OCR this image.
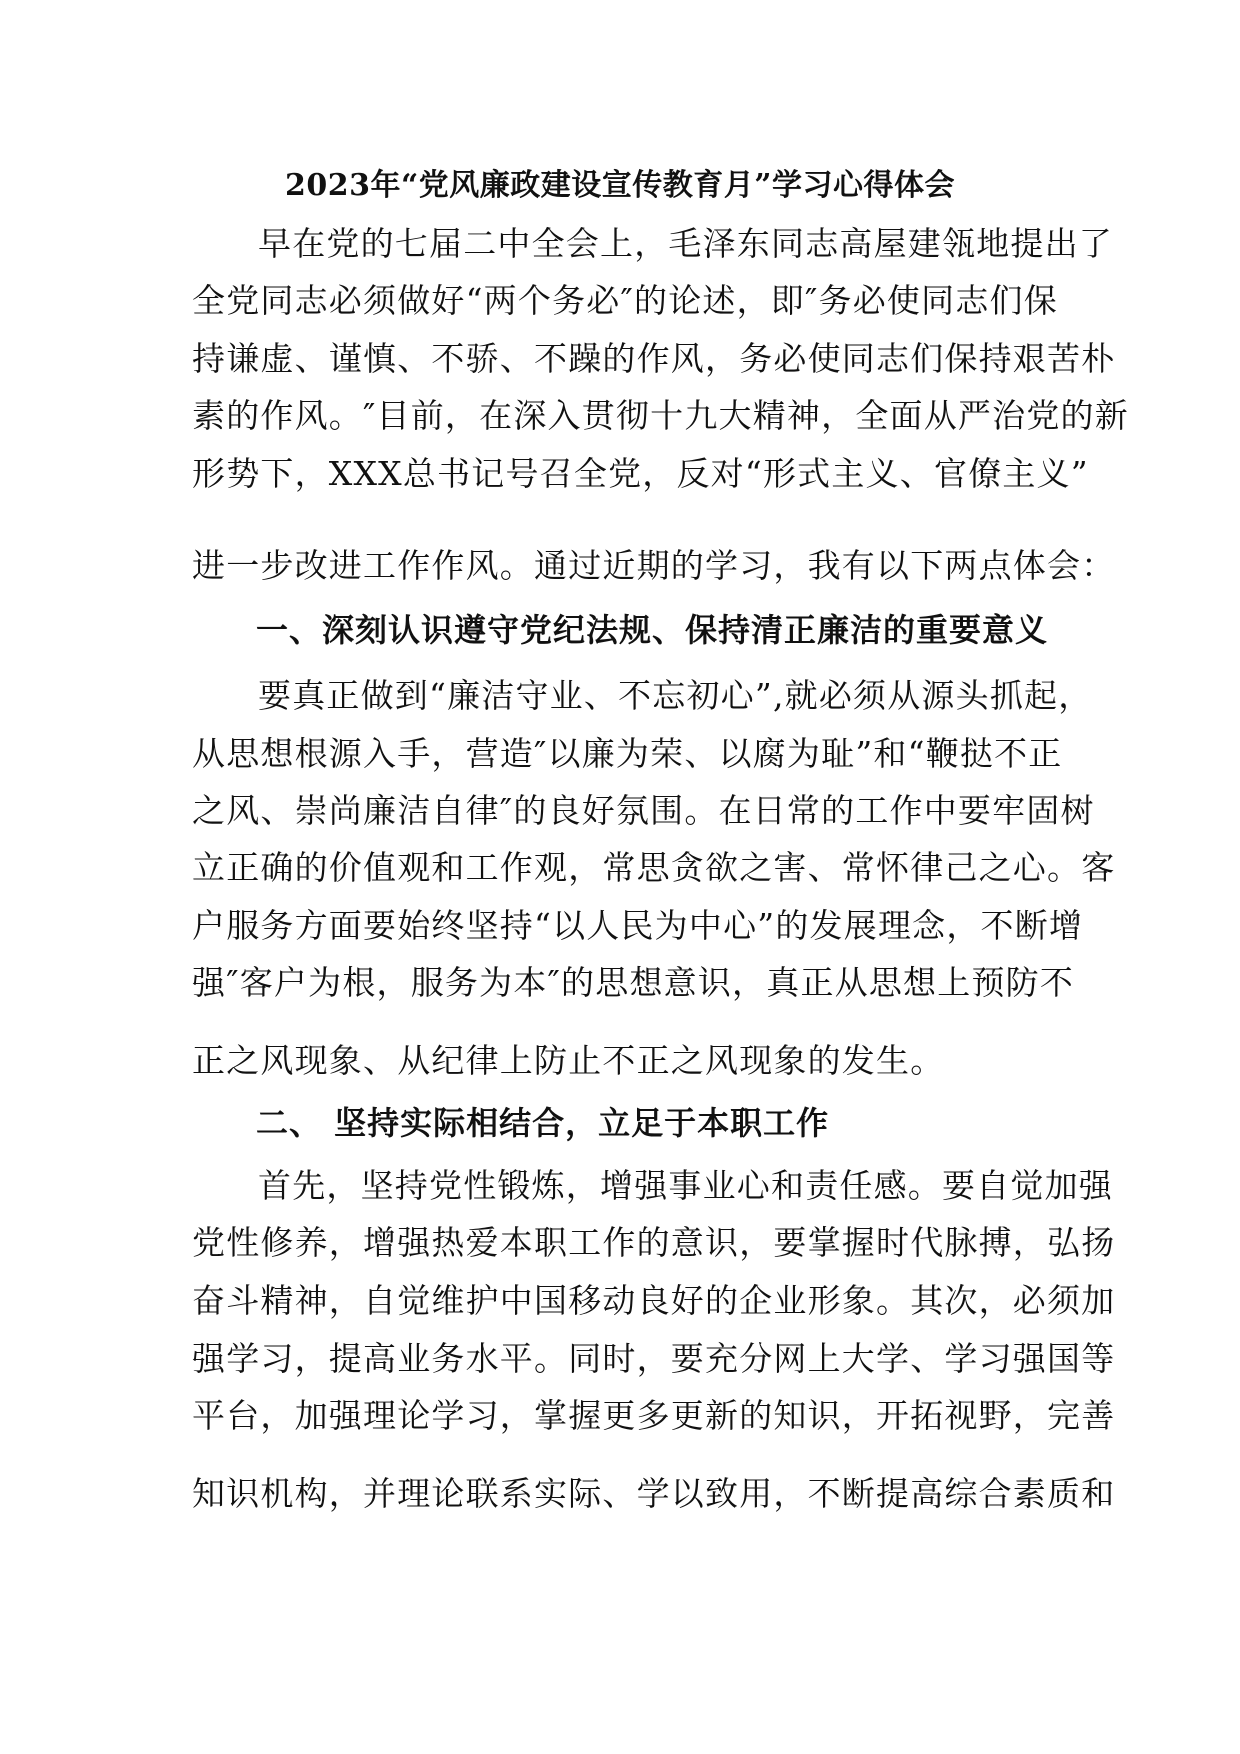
2023年“党风廉政建设宣传教育月”学习心得体会
早在党的七届二中全会上，毛泽东同志高屋建瓴地提出了
全党同志必须做好“两个务必″的论述，即″务必使同志们保
持谦虚、谨慎、不骄、不躁的作风，务必使同志们保持艰苦朴
素的作风。″目前，在深入贯彻十九大精神，全面从严治党的新
形势下，XXX总书记号召全党，反对“形式主义、官僚主义”
进一步改进工作作风。通过近期的学习，我有以下两点体会：
一、深刻认识遵守党纪法规、保持清正廉洁的重要意义
要真正做到“廉洁守业、不忘初心”,就必须从源头抓起，
从思想根源入手，营造″以廉为荣、以腐为耻”和“鞭挞不正
之风、崇尚廉洁自律″的良好氛围。在日常的工作中要牢固树
立正确的价值观和工作观，常思贪欲之害、常怀律己之心。客
户服务方面要始终坚持“以人民为中心”的发展理念，不断增
强″客户为根，服务为本″的思想意识，真正从思想上预防不
正之风现象、从纪律上防止不正之风现象的发生。
二、 坚持实际相结合，立足于本职工作
首先，坚持党性锻炼，增强事业心和责任感。要自觉加强
党性修养，增强热爱本职工作的意识，要掌握时代脉搏，弘扬
奋斗精神，自觉维护中国移动良好的企业形象。其次，必须加
强学习，提高业务水平。同时，要充分网上大学、学习强国等
平台，加强理论学习，掌握更多更新的知识，开拓视野，完善
知识机构，并理论联系实际、学以致用，不断提高综合素质和
